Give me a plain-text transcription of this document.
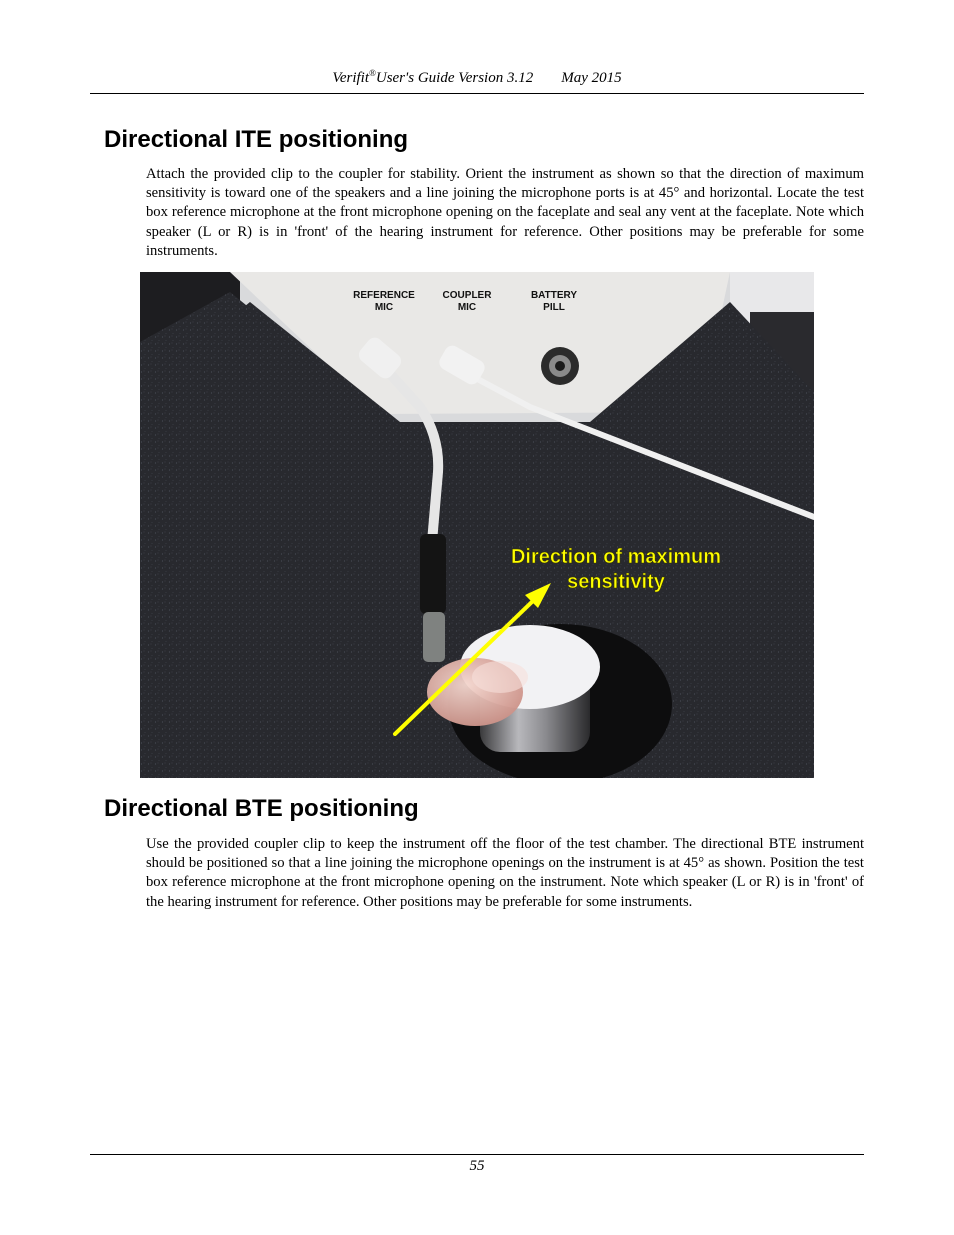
Verifit®User's Guide Version 3.12 May 2015
Directional ITE positioning

Attach the provided clip to the coupler for stability. Orient the instrument as shown so that the direction of maximum sensitivity is toward one of the speakers and a line joining the microphone ports is at 45° and horizontal. Locate the test box reference microphone at the front microphone opening on the faceplate and seal any vent at the faceplate. Note which speaker (L or R) is in 'front' of the hearing instrument for reference. Other positions may be preferable for some instruments.

REFERENCE
MIC
COUPLER
MIC
BATTERY
PILL
Direction of maximum
sensitivity
Directional BTE positioning

Use the provided coupler clip to keep the instrument off the floor of the test chamber. The directional BTE instrument should be positioned so that a line joining the microphone openings on the instrument is at 45° as shown. Position the test box reference microphone at the front microphone opening on the instrument. Note which speaker (L or R) is in 'front' of the hearing instrument for reference. Other positions may be preferable for some instruments.

55
